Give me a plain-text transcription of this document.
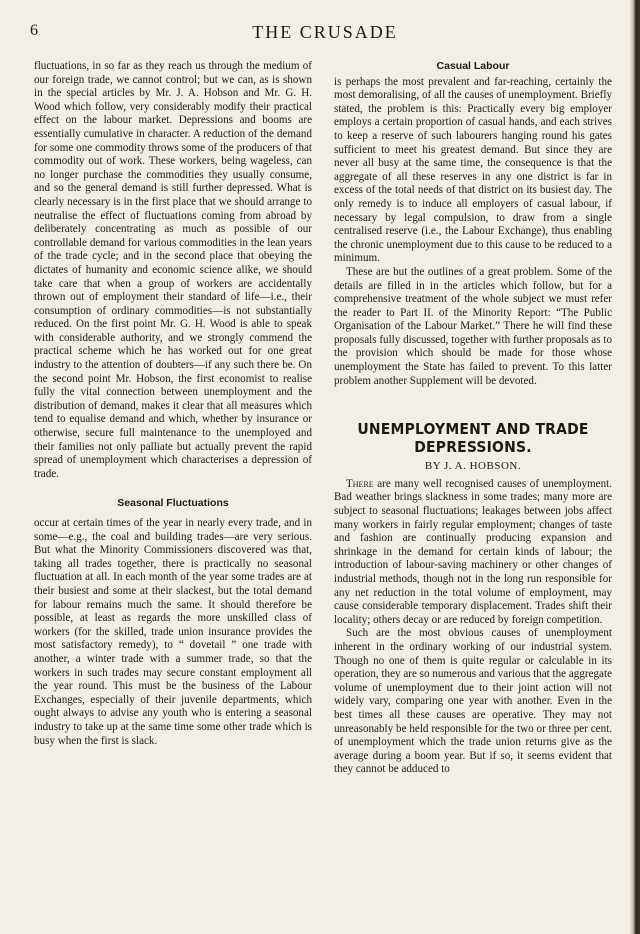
6	THE CRUSADE

fluctuations, in so far as they reach us through the medium of our foreign trade, we cannot control; but we can, as is shown in the special articles by Mr. J. A. Hobson and Mr. G. H. Wood which follow, very considerably modify their practical effect on the labour market. Depressions and booms are essentially cumulative in character. A reduction of the demand for some one commodity throws some of the producers of that commodity out of work. These workers, being wageless, can no longer purchase the commodities they usually consume, and so the general demand is still further depressed. What is clearly necessary is in the first place that we should arrange to neutralise the effect of fluctuations coming from abroad by deliberately concentrating as much as possible of our controllable demand for various commodities in the lean years of the trade cycle; and in the second place that obeying the dictates of humanity and economic science alike, we should take care that when a group of workers are accidentally thrown out of employment their standard of life—i.e., their consumption of ordinary commodities—is not substantially reduced. On the first point Mr. G. H. Wood is able to speak with considerable authority, and we strongly commend the practical scheme which he has worked out for one great industry to the attention of doubters—if any such there be. On the second point Mr. Hobson, the first economist to realise fully the vital connection between unemployment and the distribution of demand, makes it clear that all measures which tend to equalise demand and which, whether by insurance or otherwise, secure full maintenance to the unemployed and their families not only palliate but actually prevent the rapid spread of unemployment which characterises a depression of trade.

Seasonal Fluctuations

occur at certain times of the year in nearly every trade, and in some—e.g., the coal and building trades—are very serious. But what the Minority Commissioners discovered was that, taking all trades together, there is practically no seasonal fluctuation at all. In each month of the year some trades are at their busiest and some at their slackest, but the total demand for labour remains much the same. It should therefore be possible, at least as regards the more unskilled class of workers (for the skilled, trade union insurance provides the most satisfactory remedy), to “ dovetail ” one trade with another, a winter trade with a summer trade, so that the workers in such trades may secure constant employment all the year round. This must be the business of the Labour Exchanges, especially of their juvenile departments, which ought always to advise any youth who is entering a seasonal industry to take up at the same time some other trade which is busy when the first is slack.

Casual Labour

is perhaps the most prevalent and far-reaching, certainly the most demoralising, of all the causes of unemployment. Briefly stated, the problem is this: Practically every big employer employs a certain proportion of casual hands, and each strives to keep a reserve of such labourers hanging round his gates sufficient to meet his greatest demand. But since they are never all busy at the same time, the consequence is that the aggregate of all these reserves in any one district is far in excess of the total needs of that district on its busiest day. The only remedy is to induce all employers of casual labour, if necessary by legal compulsion, to draw from a single centralised reserve (i.e., the Labour Exchange), thus enabling the chronic unemployment due to this cause to be reduced to a minimum.

These are but the outlines of a great problem. Some of the details are filled in in the articles which follow, but for a comprehensive treatment of the whole subject we must refer the reader to Part II. of the Minority Report: “The Public Organisation of the Labour Market.” There he will find these proposals fully discussed, together with further proposals as to the provision which should be made for those whose unemployment the State has failed to prevent. To this latter problem another Supplement will be devoted.

UNEMPLOYMENT AND TRADE
DEPRESSIONS.
BY J. A. HOBSON.

There are many well recognised causes of unemployment. Bad weather brings slackness in some trades; many more are subject to seasonal fluctuations; leakages between jobs affect many workers in fairly regular employment; changes of taste and fashion are continually producing expansion and shrinkage in the demand for certain kinds of labour; the introduction of labour-saving machinery or other changes of industrial methods, though not in the long run responsible for any net reduction in the total volume of employment, may cause considerable temporary displacement. Trades shift their locality; others decay or are reduced by foreign competition.

Such are the most obvious causes of unemployment inherent in the ordinary working of our industrial system. Though no one of them is quite regular or calculable in its operation, they are so numerous and various that the aggregate volume of unemployment due to their joint action will not widely vary, comparing one year with another. Even in the best times all these causes are operative. They may not unreasonably be held responsible for the two or three per cent. of unemployment which the trade union returns give as the average during a boom year. But if so, it seems evident that they cannot be adduced to
